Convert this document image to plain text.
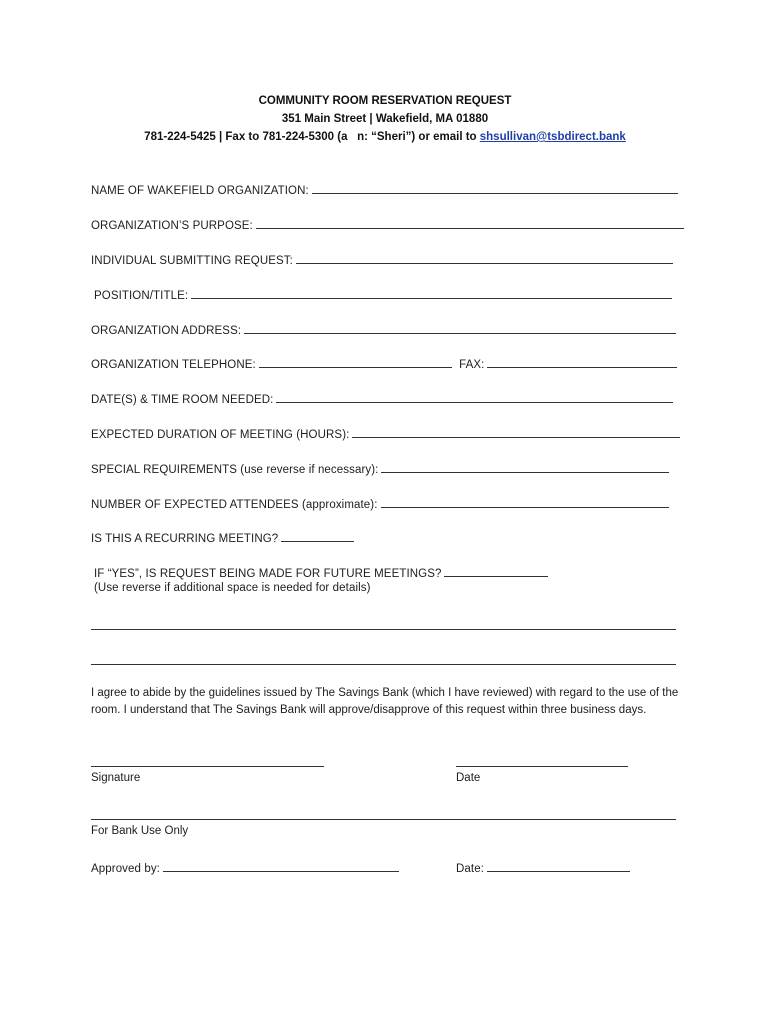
COMMUNITY ROOM RESERVATION REQUEST
351 Main Street | Wakefield, MA 01880
781-224-5425 | Fax to 781-224-5300 (a   n: “Sheri”) or email to shsullivan@tsbdirect.bank
NAME OF WAKEFIELD ORGANIZATION:
ORGANIZATION’S PURPOSE:
INDIVIDUAL SUBMITTING REQUEST:
POSITION/TITLE:
ORGANIZATION ADDRESS:
ORGANIZATION TELEPHONE:	FAX:
DATE(S) & TIME ROOM NEEDED:
EXPECTED DURATION OF MEETING (HOURS):
SPECIAL REQUIREMENTS (use reverse if necessary):
NUMBER OF EXPECTED ATTENDEES (approximate):
IS THIS A RECURRING MEETING?
IF “YES”, IS REQUEST BEING MADE FOR FUTURE MEETINGS?
(Use reverse if additional space is needed for details)
I agree to abide by the guidelines issued by The Savings Bank (which I have reviewed) with regard to the use of the room. I understand that The Savings Bank will approve/disapprove of this request within three business days.
Signature	Date
For Bank Use Only
Approved by:	Date:
